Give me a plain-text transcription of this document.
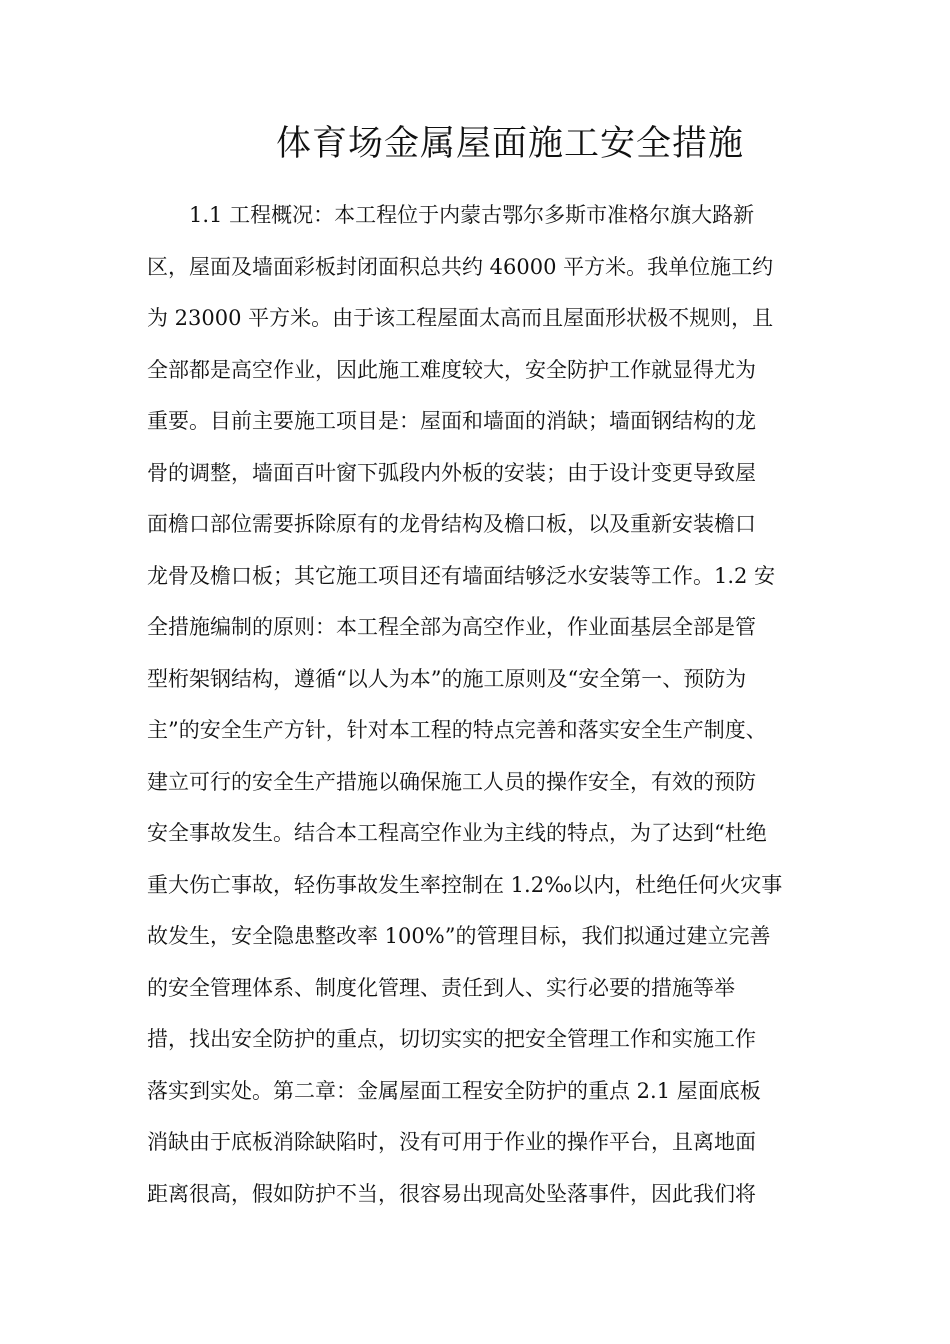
体育场金属屋面施工安全措施
　　1.1 工程概况：本工程位于内蒙古鄂尔多斯市准格尔旗大路新
区，屋面及墙面彩板封闭面积总共约 46000 平方米。我单位施工约
为 23000 平方米。由于该工程屋面太高而且屋面形状极不规则，且
全部都是高空作业，因此施工难度较大，安全防护工作就显得尤为
重要。目前主要施工项目是：屋面和墙面的消缺；墙面钢结构的龙
骨的调整，墙面百叶窗下弧段内外板的安装；由于设计变更导致屋
面檐口部位需要拆除原有的龙骨结构及檐口板，以及重新安装檐口
龙骨及檐口板；其它施工项目还有墙面结够泛水安装等工作。1.2 安
全措施编制的原则：本工程全部为高空作业，作业面基层全部是管
型桁架钢结构，遵循“以人为本”的施工原则及“安全第一、预防为
主”的安全生产方针，针对本工程的特点完善和落实安全生产制度、
建立可行的安全生产措施以确保施工人员的操作安全，有效的预防
安全事故发生。结合本工程高空作业为主线的特点，为了达到“杜绝
重大伤亡事故，轻伤事故发生率控制在 1.2‰以内，杜绝任何火灾事
故发生，安全隐患整改率 100%”的管理目标，我们拟通过建立完善
的安全管理体系、制度化管理、责任到人、实行必要的措施等举
措，找出安全防护的重点，切切实实的把安全管理工作和实施工作
落实到实处。第二章：金属屋面工程安全防护的重点 2.1 屋面底板
消缺由于底板消除缺陷时，没有可用于作业的操作平台，且离地面
距离很高，假如防护不当，很容易出现高处坠落事件，因此我们将
